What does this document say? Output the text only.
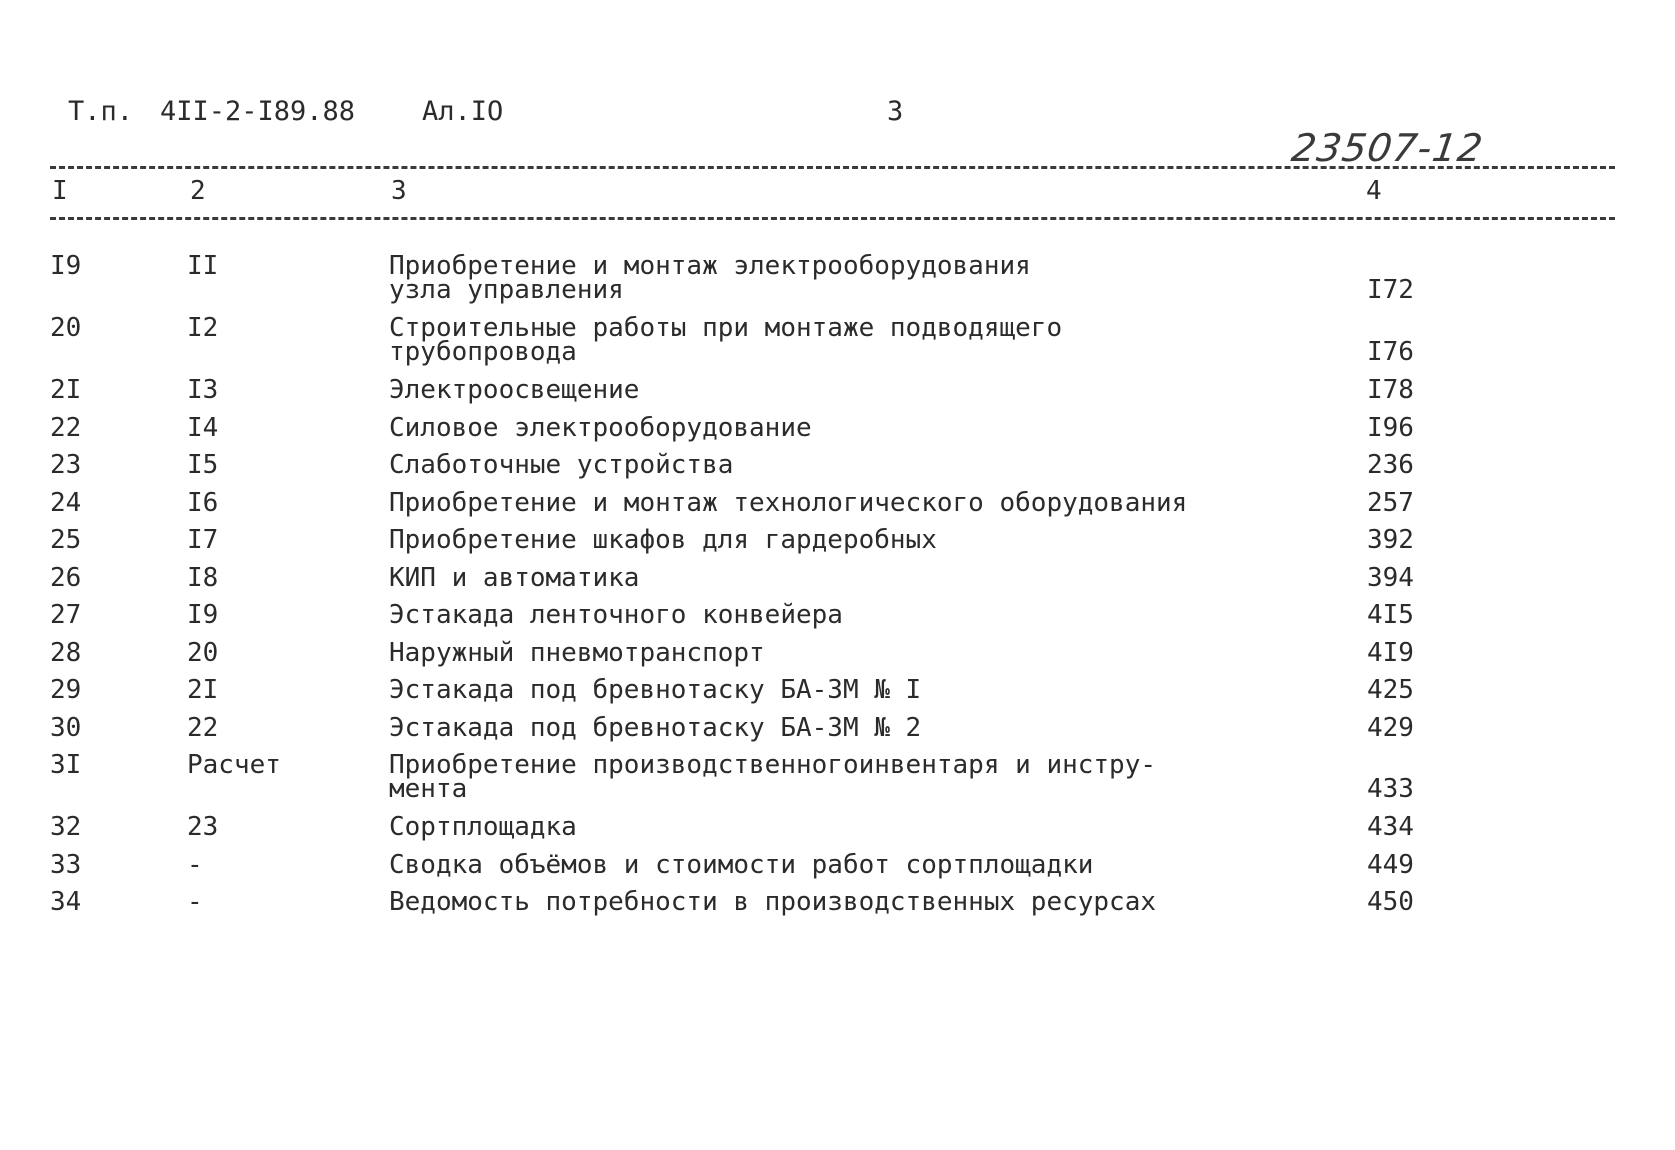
Т.п. 4II-2-I89.88 Ал.IO	3
23507-12
I	2	3	4
I9	II	Приобретение и монтаж электрооборудования
узла управления	I72
20	I2	Строительные работы при монтаже подводящего
трубопровода	I76
2I	I3	Электроосвещение	I78
22	I4	Силовое электрооборудование	I96
23	I5	Слаботочные устройства	236
24	I6	Приобретение и монтаж технологического оборудования	257
25	I7	Приобретение шкафов для гардеробных	392
26	I8	КИП и автоматика	394
27	I9	Эстакада ленточного конвейера	4I5
28	20	Наружный пневмотранспорт	4I9
29	2I	Эстакада под бревнотаску БА-3М № I	425
30	22	Эстакада под бревнотаску БА-3М № 2	429
3I	Расчет	Приобретение производственногоинвентаря и инстру-
мента	433
32	23	Сортплощадка	434
33	-	Сводка объёмов и стоимости работ сортплощадки	449
34	-	Ведомость потребности в производственных ресурсах	450
